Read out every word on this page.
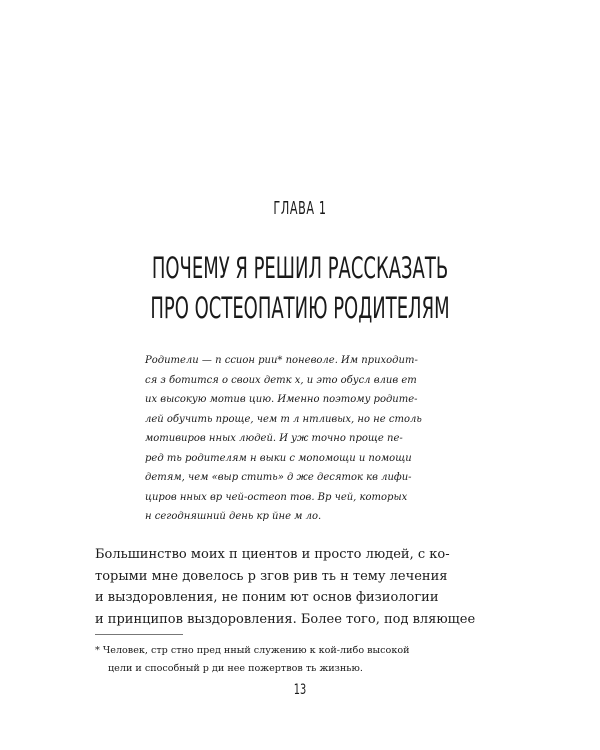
ГЛАВА 1
ПОЧЕМУ Я РЕШИЛ РАССКАЗАТЬ
ПРО ОСТЕОПАТИЮ РОДИТЕЛЯМ
Родители — п ссион рии* поневоле. Им приходит-
ся з ботится о своих детк х, и это обусл влив ет
их высокую мотив цию. Именно поэтому родите-
лей обучить проще, чем т л нтливых, но не столь
мотивиров нных людей. И уж точно проще пе-
ред ть родителям н выки с мопомощи и помощи
детям, чем «выр стить» д же десяток кв лифи-
циров нных вр чей-остеоп тов. Вр чей, которых
н сегодняшний день кр йне м ло.
Большинство моих п циентов и просто людей, с ко-
торыми мне довелось р згов рив ть н тему лечения
и выздоровления, не поним ют основ физиологии
и принципов выздоровления. Более того, под вляющее
* Человек, стр стно пред нный служению к кой-либо высокой
цели и способный р ди нее пожертвов ть жизнью.
13
